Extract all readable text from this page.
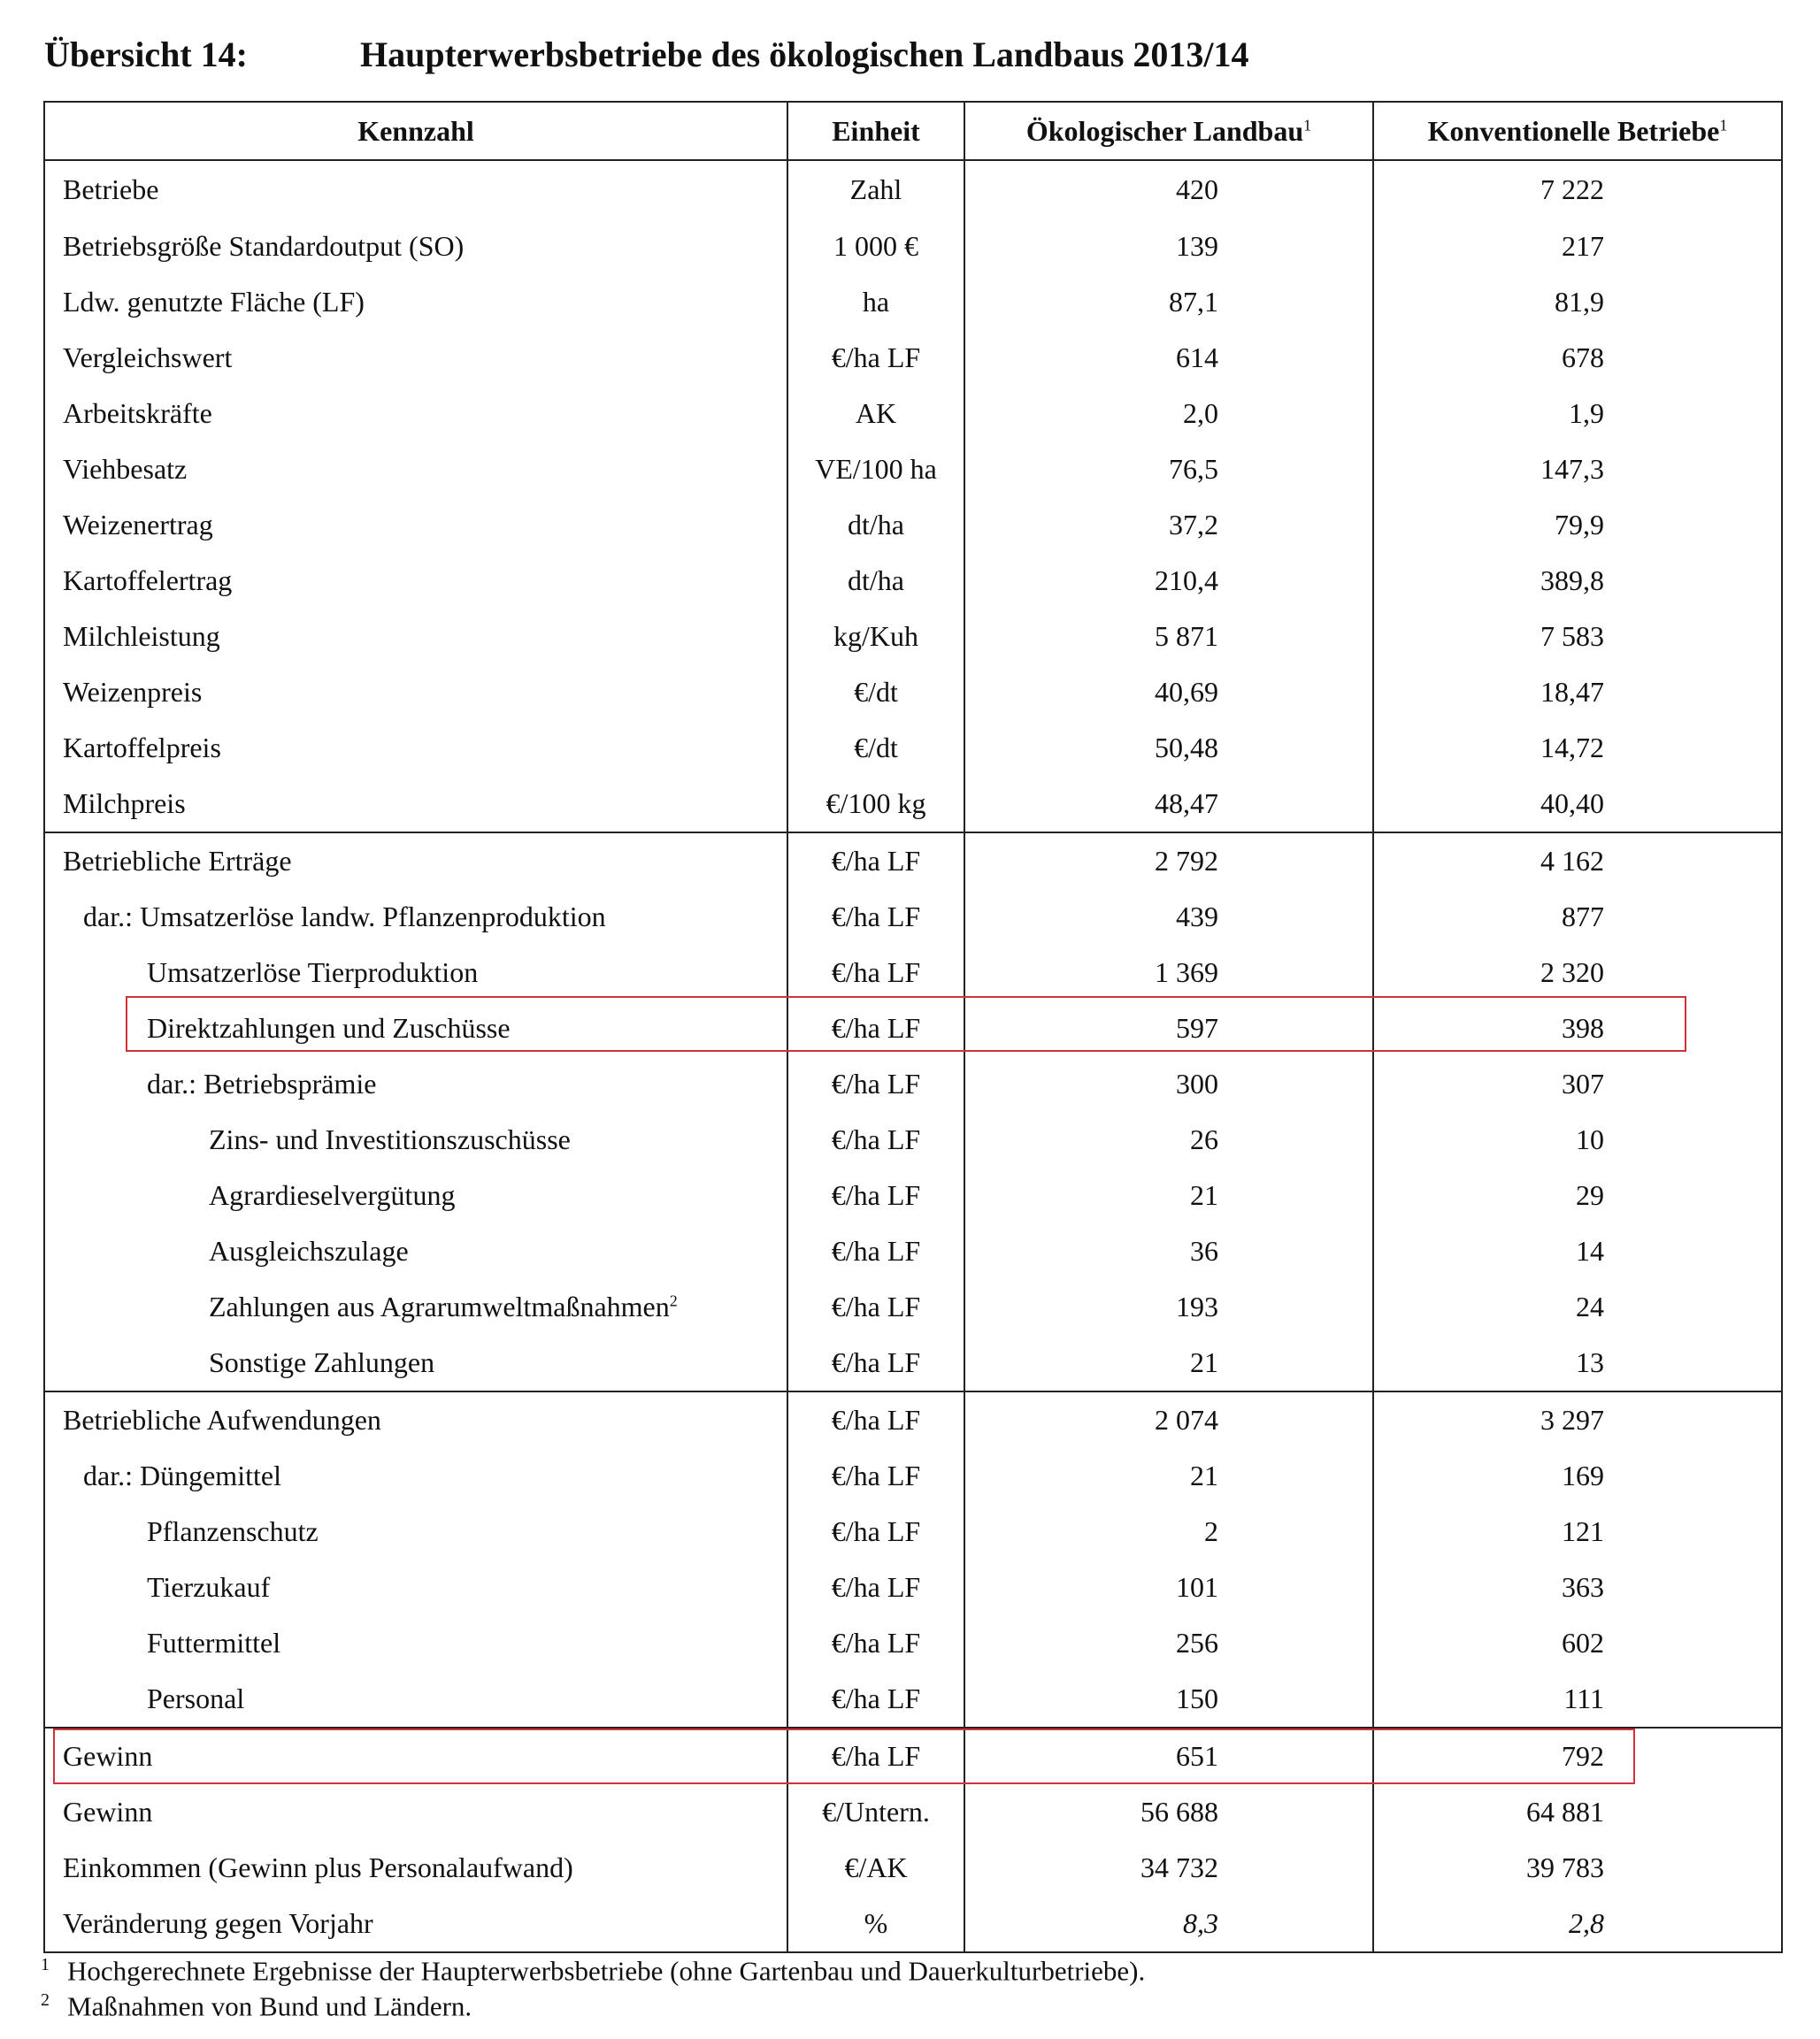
Übersicht 14:	Haupterwerbsbetriebe des ökologischen Landbaus 2013/14
Kennzahl	Einheit	Ökologischer Landbau$^1$	Konventionelle Betriebe$^1$
Betriebe	Zahl	420	7 222
Betriebsgröße Standardoutput (SO)	1 000 €	139	217
Ldw. genutzte Fläche (LF)	ha	87,1	81,9
Vergleichswert	€/ha LF	614	678
Arbeitskräfte	AK	2,0	1,9
Viehbesatz	VE/100 ha	76,5	147,3
Weizenertrag	dt/ha	37,2	79,9
Kartoffelertrag	dt/ha	210,4	389,8
Milchleistung	kg/Kuh	5 871	7 583
Weizenpreis	€/dt	40,69	18,47
Kartoffelpreis	€/dt	50,48	14,72
Milchpreis	€/100 kg	48,47	40,40
Betriebliche Erträge	€/ha LF	2 792	4 162
dar.: Umsatzerlöse landw. Pflanzenproduktion	€/ha LF	439	877
Umsatzerlöse Tierproduktion	€/ha LF	1 369	2 320
Direktzahlungen und Zuschüsse	€/ha LF	597	398
dar.: Betriebsprämie	€/ha LF	300	307
Zins- und Investitionszuschüsse	€/ha LF	26	10
Agrardieselvergütung	€/ha LF	21	29
Ausgleichszulage	€/ha LF	36	14
Zahlungen aus Agrarumweltmaßnahmen$^2$	€/ha LF	193	24
Sonstige Zahlungen	€/ha LF	21	13
Betriebliche Aufwendungen	€/ha LF	2 074	3 297
dar.: Düngemittel	€/ha LF	21	169
Pflanzenschutz	€/ha LF	2	121
Tierzukauf	€/ha LF	101	363
Futtermittel	€/ha LF	256	602
Personal	€/ha LF	150	111
Gewinn	€/ha LF	651	792
Gewinn	€/Untern.	56 688	64 881
Einkommen (Gewinn plus Personalaufwand)	€/AK	34 732	39 783
Veränderung gegen Vorjahr	%	8,3	2,8
$^1$ Hochgerechnete Ergebnisse der Haupterwerbsbetriebe (ohne Gartenbau und Dauerkulturbetriebe).
$^2$ Maßnahmen von Bund und Ländern.
